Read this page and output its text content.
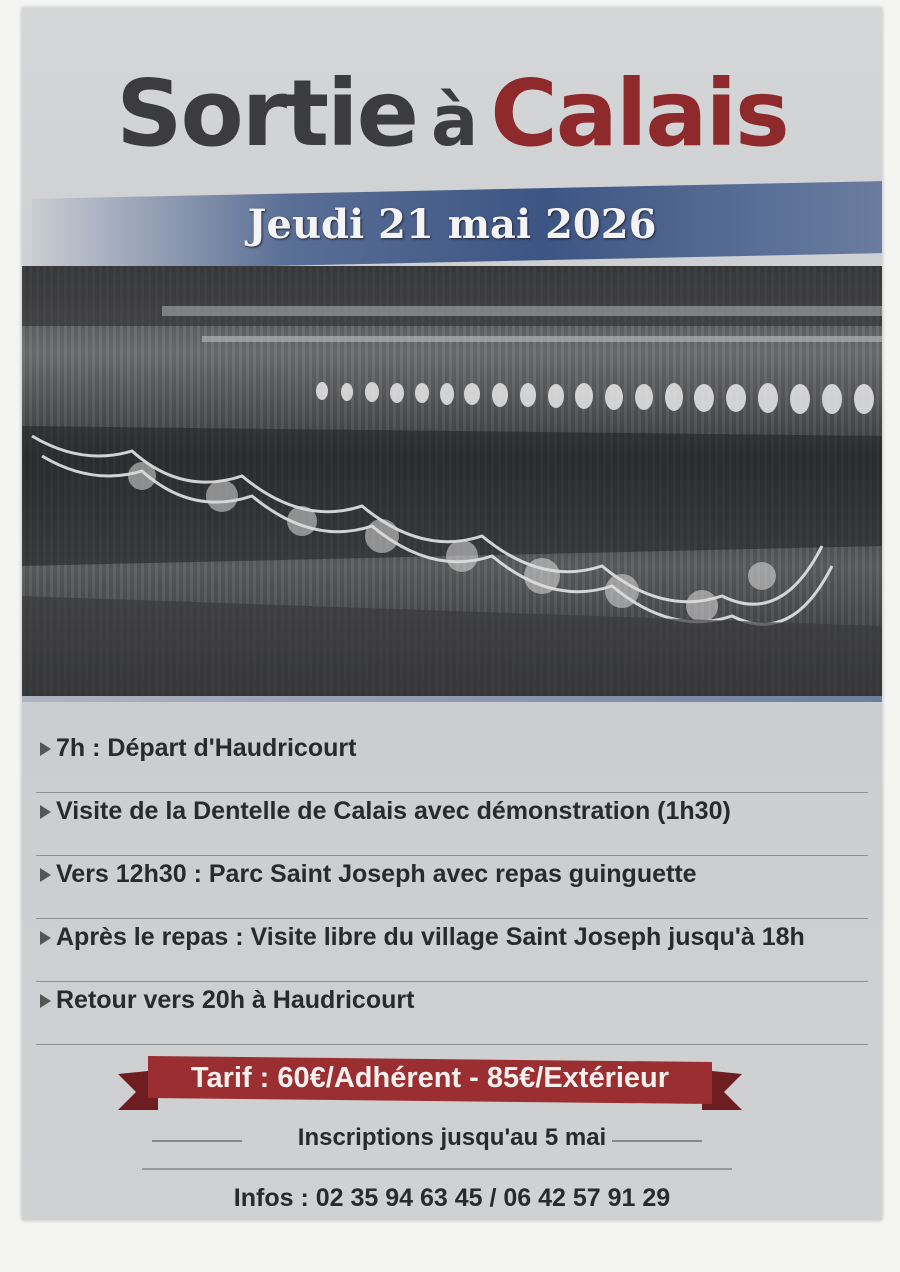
Sortie à Calais
Jeudi 21 mai 2026
7h : Départ d'Haudricourt
Visite de la Dentelle de Calais avec démonstration (1h30)
Vers 12h30 : Parc Saint Joseph avec repas guinguette
Après le repas : Visite libre du village Saint Joseph jusqu'à 18h
Retour vers 20h à Haudricourt
Tarif : 60€/Adhérent - 85€/Extérieur
Inscriptions jusqu'au 5 mai
Infos : 02 35 94 63 45 / 06 42 57 91 29
